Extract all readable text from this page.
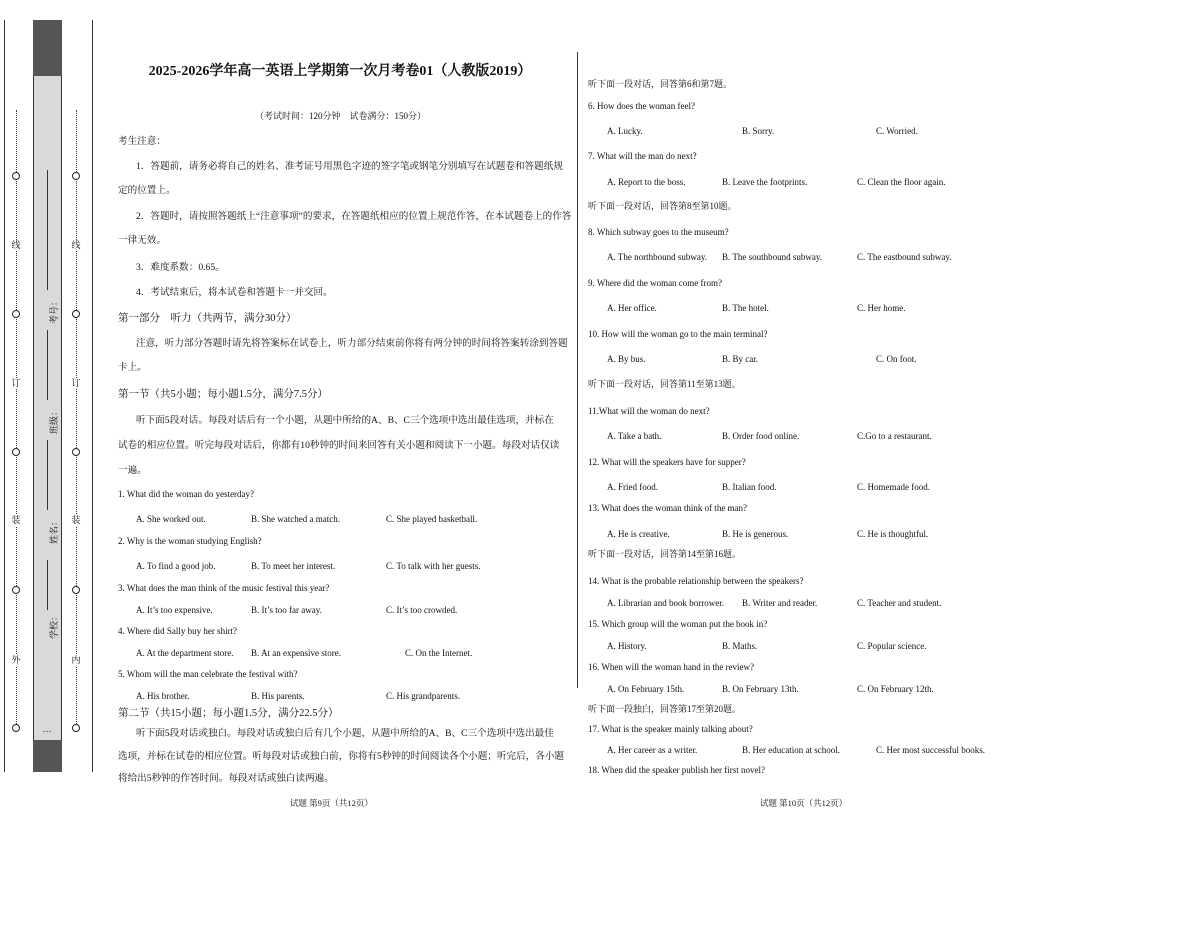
外
装
订
线
内
装
订
线
学校：
姓名：
班级：
考号：
…
2025-2026学年高一英语上学期第一次月考卷01（人教版2019）
（考试时间：120分钟　试卷满分：150分）
考生注意：
1．答题前，请务必将自己的姓名、准考证号用黑色字迹的签字笔或钢笔分别填写在试题卷和答题纸规
定的位置上。
2．答题时，请按照答题纸上“注意事项”的要求，在答题纸相应的位置上规范作答，在本试题卷上的作答
一律无效。
3．难度系数：0.65。
4．考试结束后，将本试卷和答题卡一并交回。
第一部分　听力（共两节，满分30分）
注意，听力部分答题时请先将答案标在试卷上，听力部分结束前你将有两分钟的时间将答案转涂到答题
卡上。
第一节（共5小题；每小题1.5分，满分7.5分）
听下面5段对话。每段对话后有一个小题，从题中所给的A、B、C三个选项中选出最佳选项，并标在
试卷的相应位置。听完每段对话后，你都有10秒钟的时间来回答有关小题和阅读下一小题。每段对话仅读
一遍。
1. What did the woman do yesterday?
A. She worked out.	B. She watched a match.	C. She played basketball.
2. Why is the woman studying English?
A. To find a good job.	B. To meet her interest.	C. To talk with her guests.
3. What does the man think of the music festival this year?
A. It’s too expensive.	B. It’s too far away.	C. It’s too crowded.
4. Where did Sally buy her shirt?
A. At the department store. B. At an expensive store.	C. On the Internet.
5. Whom will the man celebrate the festival with?
A. His brother.	B. His parents.	C. His grandparents.
第二节（共15小题；每小题1.5分，满分22.5分）
听下面5段对话或独白。每段对话或独白后有几个小题，从题中所给的A、B、C三个选项中选出最佳
选项，并标在试卷的相应位置。听每段对话或独白前，你将有5秒钟的时间阅读各个小题；听完后，各小题
将给出5秒钟的作答时间。每段对话或独白读两遍。
试题 第9页（共12页）
听下面一段对话，回答第6和第7题。
6. How does the woman feel?
A. Lucky.	B. Sorry.	C. Worried.
7. What will the man do next?
A. Report to the boss.	B. Leave the footprints.	C. Clean the floor again.
听下面一段对话，回答第8至第10题。
8. Which subway goes to the museum?
A. The northbound subway. B. The southbound subway.	C. The eastbound subway.
9. Where did the woman come from?
A. Her office.	B. The hotel.	C. Her home.
10. How will the woman go to the main terminal?
A. By bus.	B. By car.	C. On foot.
听下面一段对话，回答第11至第13题。
11.What will the woman do next?
A. Take a bath.	B. Order food online.	C.Go to a restaurant.
12. What will the speakers have for supper?
A. Fried food.	B. Italian food.	C. Homemade food.
13. What does the woman think of the man?
A. He is creative.	B. He is generous.	C. He is thoughtful.
听下面一段对话，回答第14至第16题。
14. What is the probable relationship between the speakers?
A. Librarian and book borrower. B. Writer and reader.	C. Teacher and student.
15. Which group will the woman put the book in?
A. History.	B. Maths.	C. Popular science.
16. When will the woman hand in the review?
A. On February 15th.	B. On February 13th.	C. On February 12th.
听下面一段独白，回答第17至第20题。
17. What is the speaker mainly talking about?
A. Her career as a writer.	B. Her education at school.	C. Her most successful books.
18. When did the speaker publish her first novel?
试题 第10页（共12页）
